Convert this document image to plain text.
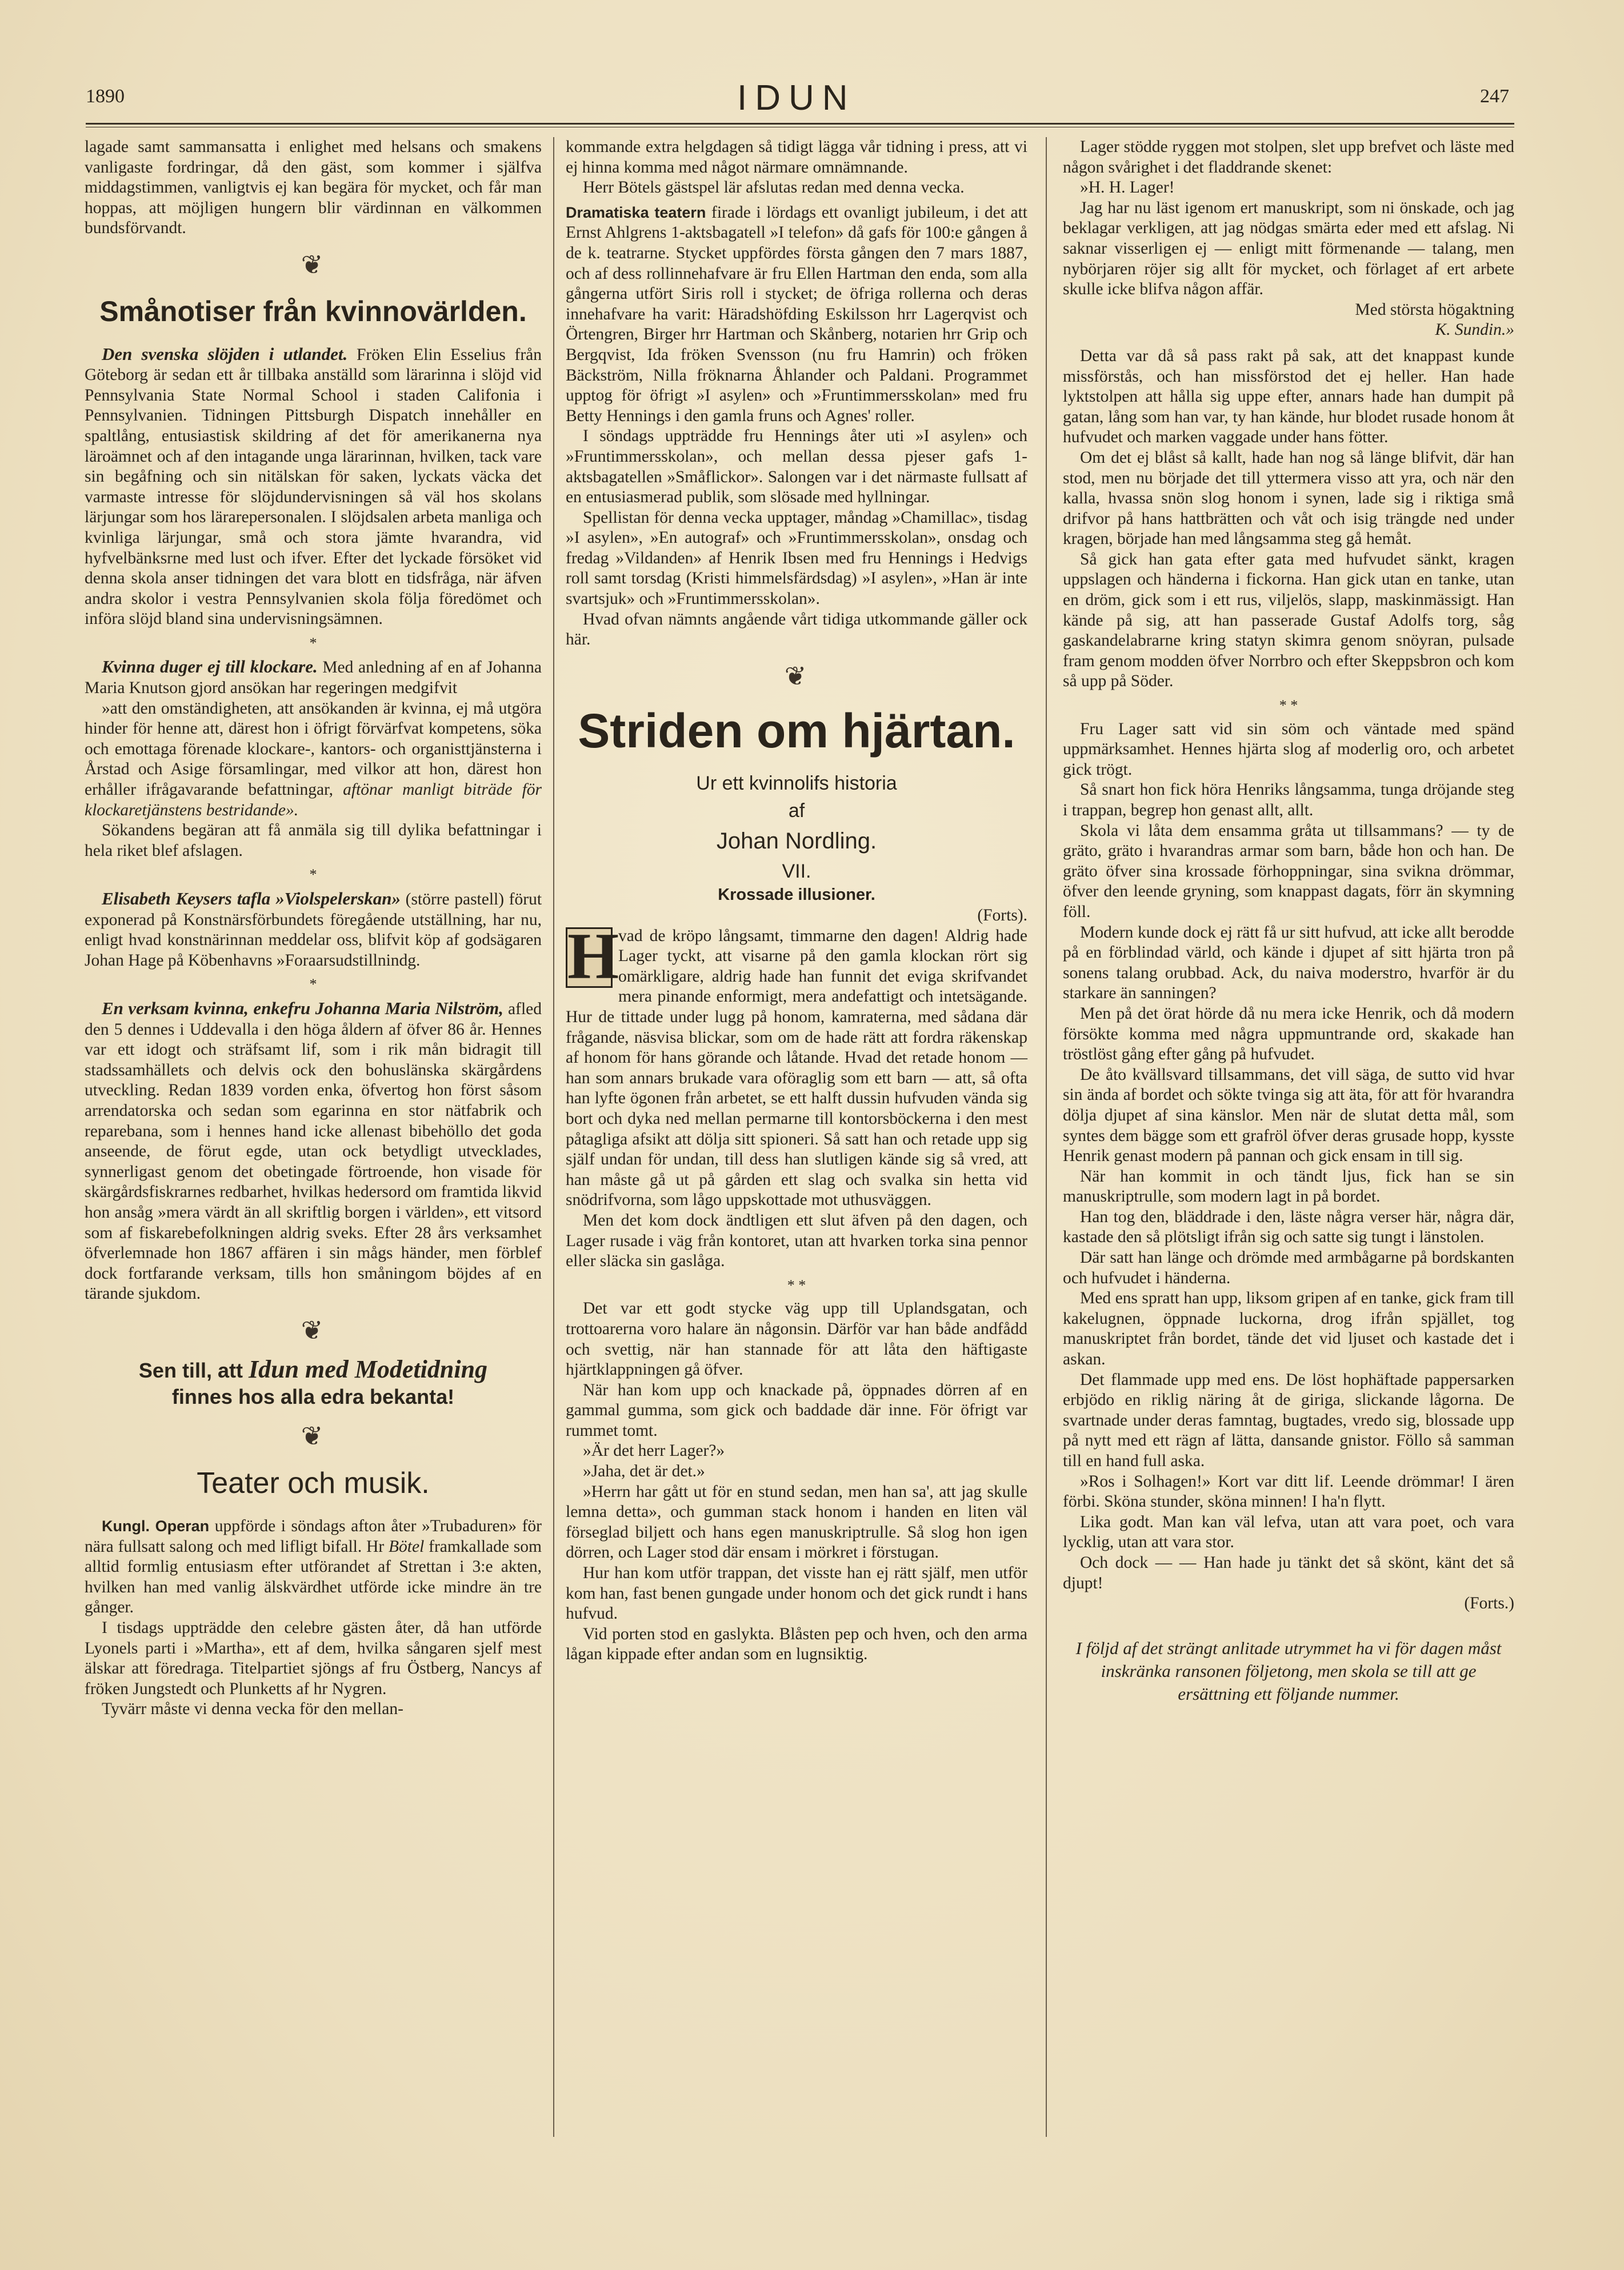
1890	IDUN	247

lagade samt sammansatta i enlighet med helsans och smakens vanligaste fordringar, då den gäst, som kommer i själfva middagstimmen, vanligtvis ej kan begära för mycket, och får man hoppas, att möjligen hungern blir värdinnan en välkommen bundsförvandt.

❦

Smånotiser från kvinnovärlden.

Den svenska slöjden i utlandet. Fröken Elin Esselius från Göteborg är sedan ett år tillbaka anställd som lärarinna i slöjd vid Pennsylvania State Normal School i staden Califonia i Pennsylvanien. Tidningen Pittsburgh Dispatch innehåller en spaltlång, entusiastisk skildring af det för amerikanerna nya läroämnet och af den intagande unga lärarinnan, hvilken, tack vare sin begåfning och sin nitälskan för saken, lyckats väcka det varmaste intresse för slöjdundervisningen så väl hos skolans lärjungar som hos lärarepersonalen. I slöjdsalen arbeta manliga och kvinliga lärjungar, små och stora jämte hvarandra, vid hyfvelbänksrne med lust och ifver. Efter det lyckade försöket vid denna skola anser tidningen det vara blott en tidsfråga, när äfven andra skolor i vestra Pennsylvanien skola följa föredömet och införa slöjd bland sina undervisningsämnen.

*

Kvinna duger ej till klockare. Med anledning af en af Johanna Maria Knutson gjord ansökan har regeringen medgifvit

»att den omständigheten, att ansökanden är kvinna, ej må utgöra hinder för henne att, därest hon i öfrigt förvärfvat kompetens, söka och emottaga förenade klockare-, kantors- och organisttjänsterna i Årstad och Asige församlingar, med vilkor att hon, därest hon erhåller ifrågavarande befattningar, aftönar manligt biträde för klockaretjänstens bestridande».

Sökandens begäran att få anmäla sig till dylika befattningar i hela riket blef afslagen.

*

Elisabeth Keysers tafla »Violspelerskan» (större pastell) förut exponerad på Konstnärsförbundets föregående utställning, har nu, enligt hvad konstnärinnan meddelar oss, blifvit köp af godsägaren Johan Hage på Köbenhavns »Foraarsudstillnindg.

*

En verksam kvinna, enkefru Johanna Maria Nilström, afled den 5 dennes i Uddevalla i den höga åldern af öfver 86 år. Hennes var ett idogt och sträfsamt lif, som i rik mån bidragit till stadssamhällets och delvis ock den bohuslänska skärgårdens utveckling. Redan 1839 vorden enka, öfvertog hon först såsom arrendatorska och sedan som egarinna en stor nätfabrik och reparebana, som i hennes hand icke allenast bibehöllo det goda anseende, de förut egde, utan ock betydligt utvecklades, synnerligast genom det obetingade förtroende, hon visade för skärgårdsfiskrarnes redbarhet, hvilkas hedersord om framtida likvid hon ansåg »mera värdt än all skriftlig borgen i världen», ett vitsord som af fiskarebefolkningen aldrig sveks. Efter 28 års verksamhet öfverlemnade hon 1867 affären i sin mågs händer, men förblef dock fortfarande verksam, tills hon småningom böjdes af en tärande sjukdom.

❦

Sen till, att Idun med Modetidning
finnes hos alla edra bekanta!

❦

Teater och musik.

Kungl. Operan uppförde i söndags afton åter »Trubaduren» för nära fullsatt salong och med lifligt bifall. Hr Bötel framkallade som alltid formlig entusiasm efter utförandet af Strettan i 3:e akten, hvilken han med vanlig älskvärdhet utförde icke mindre än tre gånger.

I tisdags uppträdde den celebre gästen åter, då han utförde Lyonels parti i »Martha», ett af dem, hvilka sångaren sjelf mest älskar att föredraga. Titelpartiet sjöngs af fru Östberg, Nancys af fröken Jungstedt och Plunketts af hr Nygren.

Tyvärr måste vi denna vecka för den mellan-

kommande extra helgdagen så tidigt lägga vår tidning i press, att vi ej hinna komma med något närmare omnämnande.

Herr Bötels gästspel lär afslutas redan med denna vecka.

Dramatiska teatern firade i lördags ett ovanligt jubileum, i det att Ernst Ahlgrens 1-aktsbagatell »I telefon» då gafs för 100:e gången å de k. teatrarne. Stycket uppfördes första gången den 7 mars 1887, och af dess rollinnehafvare är fru Ellen Hartman den enda, som alla gångerna utfört Siris roll i stycket; de öfriga rollerna och deras innehafvare ha varit: Häradshöfding Eskilsson hrr Lagerqvist och Örtengren, Birger hrr Hartman och Skånberg, notarien hrr Grip och Bergqvist, Ida fröken Svensson (nu fru Hamrin) och fröken Bäckström, Nilla fröknarna Åhlander och Paldani. Programmet upptog för öfrigt »I asylen» och »Fruntimmersskolan» med fru Betty Hennings i den gamla fruns och Agnes' roller.

I söndags uppträdde fru Hennings åter uti »I asylen» och »Fruntimmersskolan», och mellan dessa pjeser gafs 1-aktsbagatellen »Småflickor». Salongen var i det närmaste fullsatt af en entusiasmerad publik, som slösade med hyllningar.

Spellistan för denna vecka upptager, måndag »Chamillac», tisdag »I asylen», »En autograf» och »Fruntimmersskolan», onsdag och fredag »Vildanden» af Henrik Ibsen med fru Hennings i Hedvigs roll samt torsdag (Kristi himmelsfärdsdag) »I asylen», »Han är inte svartsjuk» och »Fruntimmersskolan».

Hvad ofvan nämnts angående vårt tidiga utkommande gäller ock här.

❦

Striden om hjärtan.

Ur ett kvinnolifs historia

af

Johan Nordling.

VII.

Krossade illusioner.

(Forts).

H
vad de kröpo långsamt, timmarne den dagen! Aldrig hade Lager tyckt, att visarne på den gamla klockan rört sig omärkligare, aldrig hade han funnit det eviga skrifvandet mera pinande enformigt, mera andefattigt och intetsägande. Hur de tittade under lugg på honom, kamraterna, med sådana där frågande, näsvisa blickar, som om de hade rätt att fordra räkenskap af honom för hans görande och låtande. Hvad det retade honom — han som annars brukade vara oföraglig som ett barn — att, så ofta han lyfte ögonen från arbetet, se ett halft dussin hufvuden vända sig bort och dyka ned mellan permarne till kontorsböckerna i den mest påtagliga afsikt att dölja sitt spioneri. Så satt han och retade upp sig själf undan för undan, till dess han slutligen kände sig så vred, att han måste gå ut på gården ett slag och svalka sin hetta vid snödrifvorna, som lågo uppskottade mot uthusväggen.

Men det kom dock ändtligen ett slut äfven på den dagen, och Lager rusade i väg från kontoret, utan att hvarken torka sina pennor eller släcka sin gaslåga.

* *

Det var ett godt stycke väg upp till Uplandsgatan, och trottoarerna voro halare än någonsin. Därför var han både andfådd och svettig, när han stannade för att låta den häftigaste hjärtklappningen gå öfver.

När han kom upp och knackade på, öppnades dörren af en gammal gumma, som gick och baddade där inne. För öfrigt var rummet tomt.

»Är det herr Lager?»

»Jaha, det är det.»

»Herrn har gått ut för en stund sedan, men han sa', att jag skulle lemna detta», och gumman stack honom i handen en liten väl förseglad biljett och hans egen manuskriptrulle. Så slog hon igen dörren, och Lager stod där ensam i mörkret i förstugan.

Hur han kom utför trappan, det visste han ej rätt själf, men utför kom han, fast benen gungade under honom och det gick rundt i hans hufvud.

Vid porten stod en gaslykta. Blåsten pep och hven, och den arma lågan kippade efter andan som en lugnsiktig.

Lager stödde ryggen mot stolpen, slet upp brefvet och läste med någon svårighet i det fladdrande skenet:

»H. H. Lager!

Jag har nu läst igenom ert manuskript, som ni önskade, och jag beklagar verkligen, att jag nödgas smärta eder med ett afslag. Ni saknar visserligen ej — enligt mitt förmenande — talang, men nybörjaren röjer sig allt för mycket, och förlaget af ert arbete skulle icke blifva någon affär.

Med största högaktning

K. Sundin.»

Detta var då så pass rakt på sak, att det knappast kunde missförstås, och han missförstod det ej heller. Han hade lyktstolpen att hålla sig uppe efter, annars hade han dumpit på gatan, lång som han var, ty han kände, hur blodet rusade honom åt hufvudet och marken vaggade under hans fötter.

Om det ej blåst så kallt, hade han nog så länge blifvit, där han stod, men nu började det till yttermera visso att yra, och när den kalla, hvassa snön slog honom i synen, lade sig i riktiga små drifvor på hans hattbrätten och våt och isig trängde ned under kragen, började han med långsamma steg gå hemåt.

Så gick han gata efter gata med hufvudet sänkt, kragen uppslagen och händerna i fickorna. Han gick utan en tanke, utan en dröm, gick som i ett rus, viljelös, slapp, maskinmässigt. Han kände på sig, att han passerade Gustaf Adolfs torg, såg gaskandelabrarne kring statyn skimra genom snöyran, pulsade fram genom modden öfver Norrbro och efter Skeppsbron och kom så upp på Söder.

* *

Fru Lager satt vid sin söm och väntade med spänd uppmärksamhet. Hennes hjärta slog af moderlig oro, och arbetet gick trögt.

Så snart hon fick höra Henriks långsamma, tunga dröjande steg i trappan, begrep hon genast allt, allt.

Skola vi låta dem ensamma gråta ut tillsammans? — ty de gräto, gräto i hvarandras armar som barn, både hon och han. De gräto öfver sina krossade förhoppningar, sina svikna drömmar, öfver den leende gryning, som knappast dagats, förr än skymning föll.

Modern kunde dock ej rätt få ur sitt hufvud, att icke allt berodde på en förblindad värld, och kände i djupet af sitt hjärta tron på sonens talang orubbad. Ack, du naiva moderstro, hvarför är du starkare än sanningen?

Men på det örat hörde då nu mera icke Henrik, och då modern försökte komma med några uppmuntrande ord, skakade han tröstlöst gång efter gång på hufvudet.

De åto kvällsvard tillsammans, det vill säga, de sutto vid hvar sin ända af bordet och sökte tvinga sig att äta, för att för hvarandra dölja djupet af sina känslor. Men när de slutat detta mål, som syntes dem bägge som ett grafröl öfver deras grusade hopp, kysste Henrik genast modern på pannan och gick ensam in till sig.

När han kommit in och tändt ljus, fick han se sin manuskriptrulle, som modern lagt in på bordet.

Han tog den, bläddrade i den, läste några verser här, några där, kastade den så plötsligt ifrån sig och satte sig tungt i länstolen.

Där satt han länge och drömde med armbågarne på bordskanten och hufvudet i händerna.

Med ens spratt han upp, liksom gripen af en tanke, gick fram till kakelugnen, öppnade luckorna, drog ifrån spjället, tog manuskriptet från bordet, tände det vid ljuset och kastade det i askan.

Det flammade upp med ens. De löst hophäftade pappersarken erbjödo en riklig näring åt de giriga, slickande lågorna. De svartnade under deras famntag, bugtades, vredo sig, blossade upp på nytt med ett rägn af lätta, dansande gnistor. Föllo så samman till en hand full aska.

»Ros i Solhagen!» Kort var ditt lif. Leende drömmar! I ären förbi. Sköna stunder, sköna minnen! I ha'n flytt.

Lika godt. Man kan väl lefva, utan att vara poet, och vara lycklig, utan att vara stor.

Och dock — — Han hade ju tänkt det så skönt, känt det så djupt!

(Forts.)

I följd af det strängt anlitade utrymmet ha vi för dagen måst inskränka ransonen följetong, men skola se till att ge ersättning ett följande nummer.
